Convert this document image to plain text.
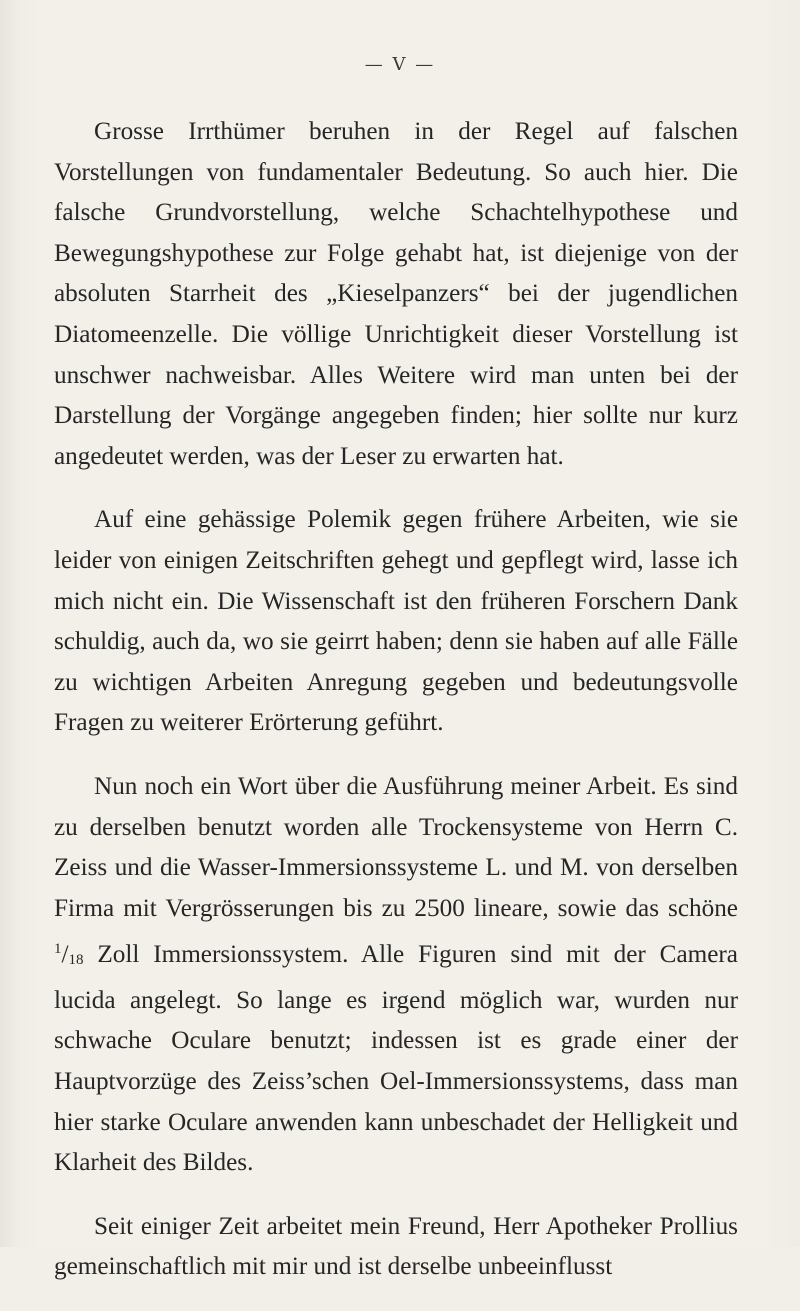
— V —

Grosse Irrthümer beruhen in der Regel auf falschen Vorstellungen von fundamentaler Bedeutung. So auch hier. Die falsche Grundvorstellung, welche Schachtelhypothese und Bewegungshypothese zur Folge gehabt hat, ist diejenige von der absoluten Starrheit des „Kieselpanzers“ bei der jugendlichen Diatomeenzelle. Die völlige Unrichtigkeit dieser Vorstellung ist unschwer nachweisbar. Alles Weitere wird man unten bei der Darstellung der Vorgänge angegeben finden; hier sollte nur kurz angedeutet werden, was der Leser zu erwarten hat.

Auf eine gehässige Polemik gegen frühere Arbeiten, wie sie leider von einigen Zeitschriften gehegt und gepflegt wird, lasse ich mich nicht ein. Die Wissenschaft ist den früheren Forschern Dank schuldig, auch da, wo sie geirrt haben; denn sie haben auf alle Fälle zu wichtigen Arbeiten Anregung gegeben und bedeutungsvolle Fragen zu weiterer Erörterung geführt.

Nun noch ein Wort über die Ausführung meiner Arbeit. Es sind zu derselben benutzt worden alle Trockensysteme von Herrn C. Zeiss und die Wasser-Immersionssysteme L. und M. von derselben Firma mit Vergrösserungen bis zu 2500 lineare, sowie das schöne $^1$/18 Zoll Immersionssystem. Alle Figuren sind mit der Camera lucida angelegt. So lange es irgend möglich war, wurden nur schwache Oculare benutzt; indessen ist es grade einer der Hauptvorzüge des Zeiss’schen Oel-Immersionssystems, dass man hier starke Oculare anwenden kann unbeschadet der Helligkeit und Klarheit des Bildes.

Seit einiger Zeit arbeitet mein Freund, Herr Apotheker Prollius gemeinschaftlich mit mir und ist derselbe unbeeinflusst
